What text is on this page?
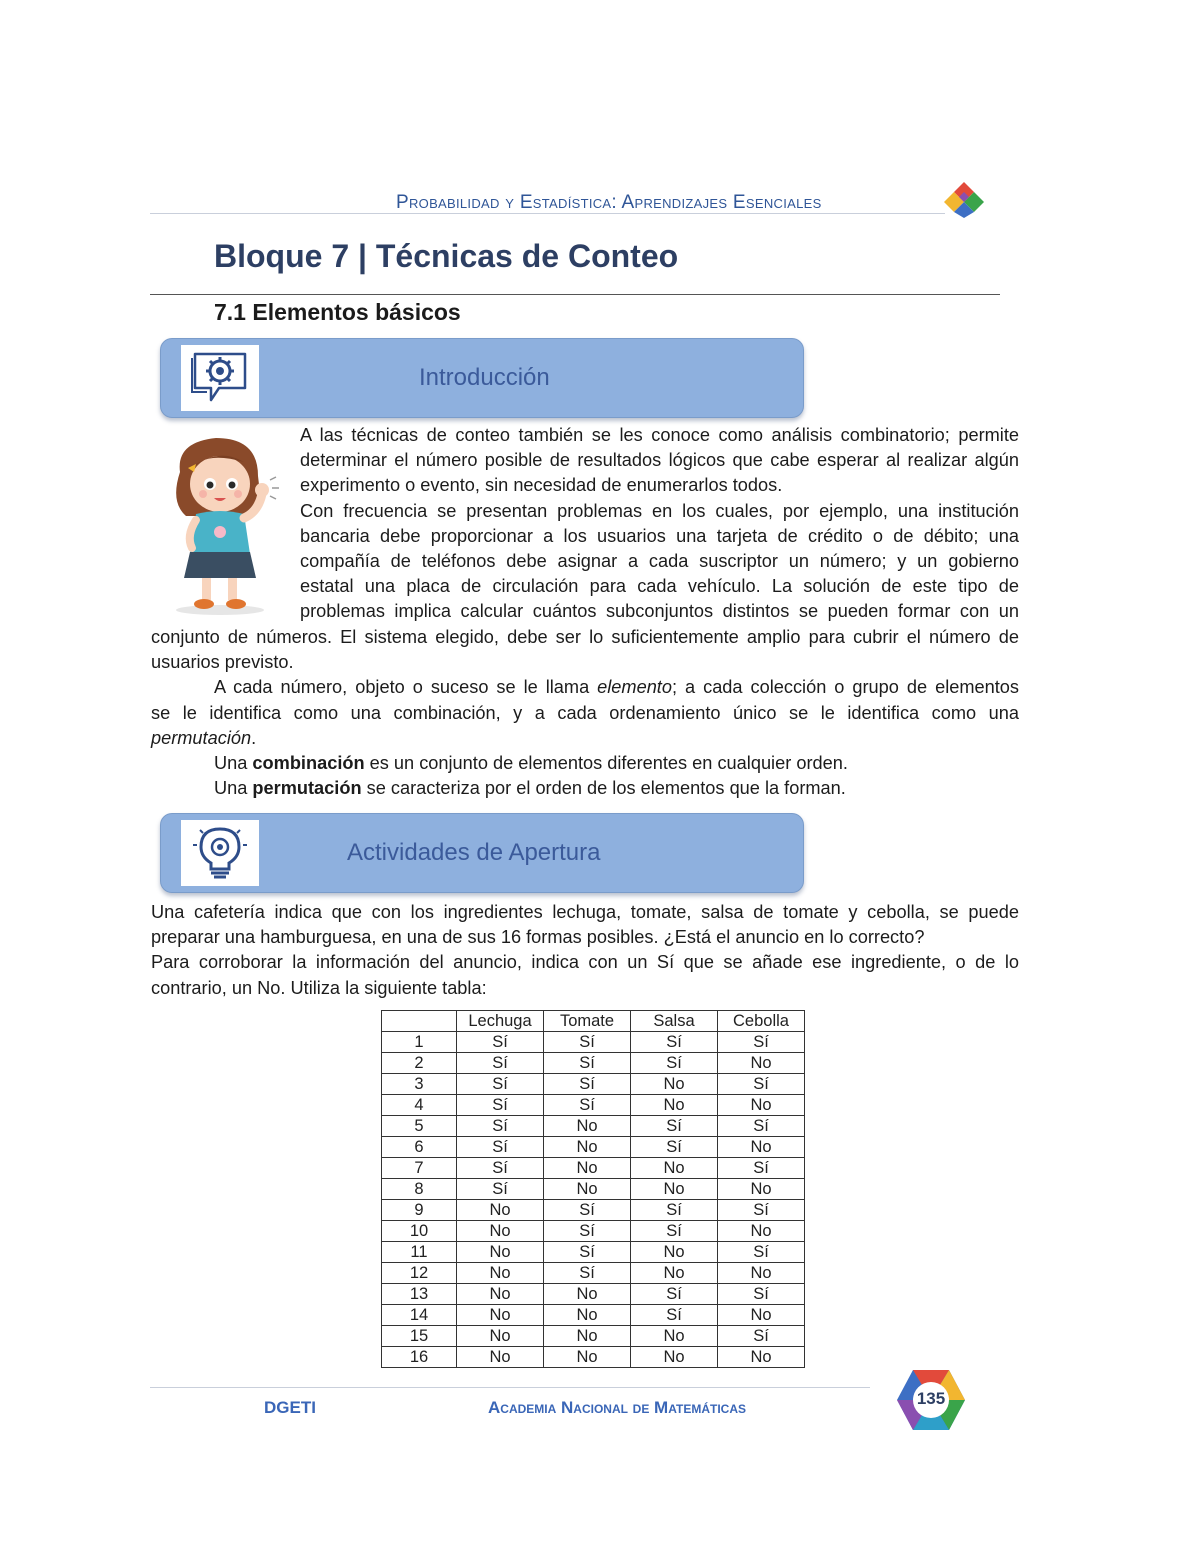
Probabilidad y Estadística: Aprendizajes Esenciales
Bloque 7 | Técnicas de Conteo
7.1 Elementos básicos
Introducción
A las técnicas de conteo también se les conoce como análisis combinatorio; permite
determinar el número posible de resultados lógicos que cabe esperar al realizar algún
experimento o evento, sin necesidad de enumerarlos todos.
Con frecuencia se presentan problemas en los cuales, por ejemplo, una institución
bancaria debe proporcionar a los usuarios una tarjeta de crédito o de débito; una
compañía de teléfonos debe asignar a cada suscriptor un número; y un gobierno
estatal una placa de circulación para cada vehículo. La solución de este tipo de
problemas implica calcular cuántos subconjuntos distintos se pueden formar con un
conjunto de números. El sistema elegido, debe ser lo suficientemente amplio para cubrir el número de
usuarios previsto.
A cada número, objeto o suceso se le llama elemento; a cada colección o grupo de elementos
se le identifica como una combinación, y a cada ordenamiento único se le identifica como una
permutación.
Una combinación es un conjunto de elementos diferentes en cualquier orden.
Una permutación se caracteriza por el orden de los elementos que la forman.
Actividades de Apertura
Una cafetería indica que con los ingredientes lechuga, tomate, salsa de tomate y cebolla, se puede
preparar una hamburguesa, en una de sus 16 formas posibles. ¿Está el anuncio en lo correcto?
Para corroborar la información del anuncio, indica con un Sí que se añade ese ingrediente, o de lo
contrario, un No. Utiliza la siguiente tabla:
	Lechuga	Tomate	Salsa	Cebolla
1	Sí	Sí	Sí	Sí
2	Sí	Sí	Sí	No
3	Sí	Sí	No	Sí
4	Sí	Sí	No	No
5	Sí	No	Sí	Sí
6	Sí	No	Sí	No
7	Sí	No	No	Sí
8	Sí	No	No	No
9	No	Sí	Sí	Sí
10	No	Sí	Sí	No
11	No	Sí	No	Sí
12	No	Sí	No	No
13	No	No	Sí	Sí
14	No	No	Sí	No
15	No	No	No	Sí
16	No	No	No	No
DGETI	Academia Nacional de Matemáticas	135
